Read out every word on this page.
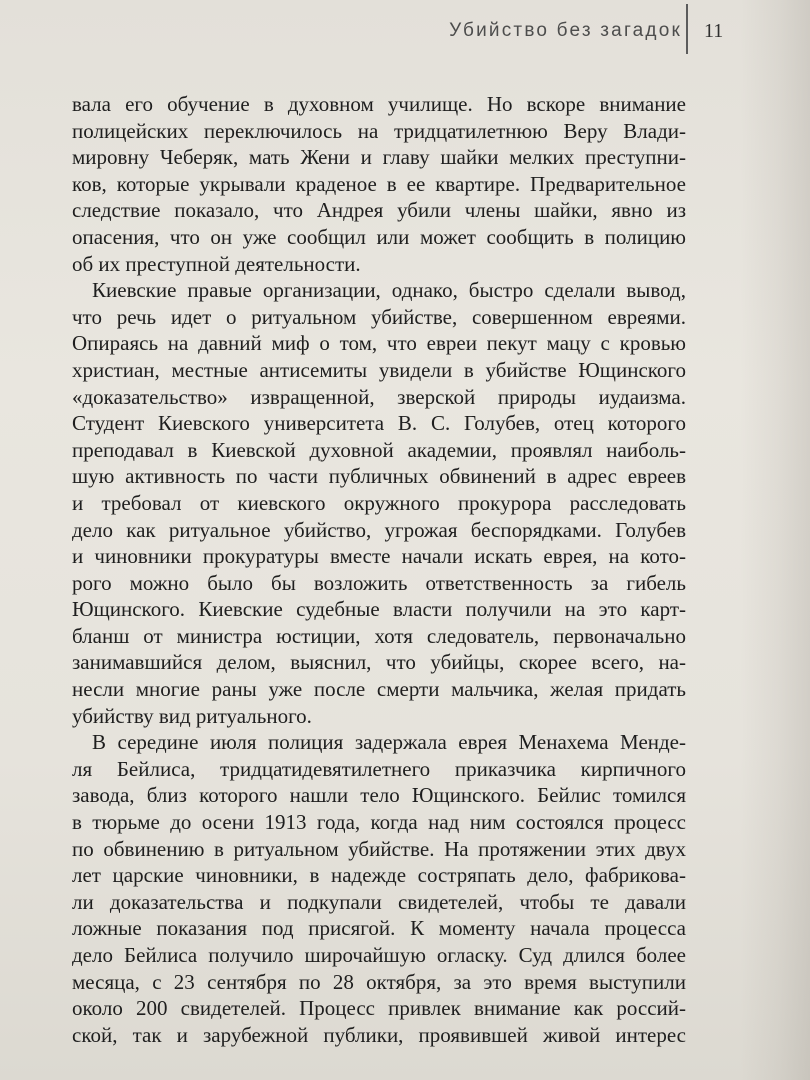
Убийство без загадок 11
вала его обучение в духовном училище. Но вскоре внимание
полицейских переключилось на тридцатилетнюю Веру Влади-
мировну Чеберяк, мать Жени и главу шайки мелких преступни-
ков, которые укрывали краденое в ее квартире. Предварительное
следствие показало, что Андрея убили члены шайки, явно из
опасения, что он уже сообщил или может сообщить в полицию
об их преступной деятельности.
Киевские правые организации, однако, быстро сделали вывод,
что речь идет о ритуальном убийстве, совершенном евреями.
Опираясь на давний миф о том, что евреи пекут мацу с кровью
христиан, местные антисемиты увидели в убийстве Ющинского
«доказательство» извращенной, зверской природы иудаизма.
Студент Киевского университета В. С. Голубев, отец которого
преподавал в Киевской духовной академии, проявлял наиболь-
шую активность по части публичных обвинений в адрес евреев
и требовал от киевского окружного прокурора расследовать
дело как ритуальное убийство, угрожая беспорядками. Голубев
и чиновники прокуратуры вместе начали искать еврея, на кото-
рого можно было бы возложить ответственность за гибель
Ющинского. Киевские судебные власти получили на это карт-
бланш от министра юстиции, хотя следователь, первоначально
занимавшийся делом, выяснил, что убийцы, скорее всего, на-
несли многие раны уже после смерти мальчика, желая придать
убийству вид ритуального.
В середине июля полиция задержала еврея Менахема Менде-
ля Бейлиса, тридцатидевятилетнего приказчика кирпичного
завода, близ которого нашли тело Ющинского. Бейлис томился
в тюрьме до осени 1913 года, когда над ним состоялся процесс
по обвинению в ритуальном убийстве. На протяжении этих двух
лет царские чиновники, в надежде состряпать дело, фабрикова-
ли доказательства и подкупали свидетелей, чтобы те давали
ложные показания под присягой. К моменту начала процесса
дело Бейлиса получило широчайшую огласку. Суд длился более
месяца, с 23 сентября по 28 октября, за это время выступили
около 200 свидетелей. Процесс привлек внимание как россий-
ской, так и зарубежной публики, проявившей живой интерес
